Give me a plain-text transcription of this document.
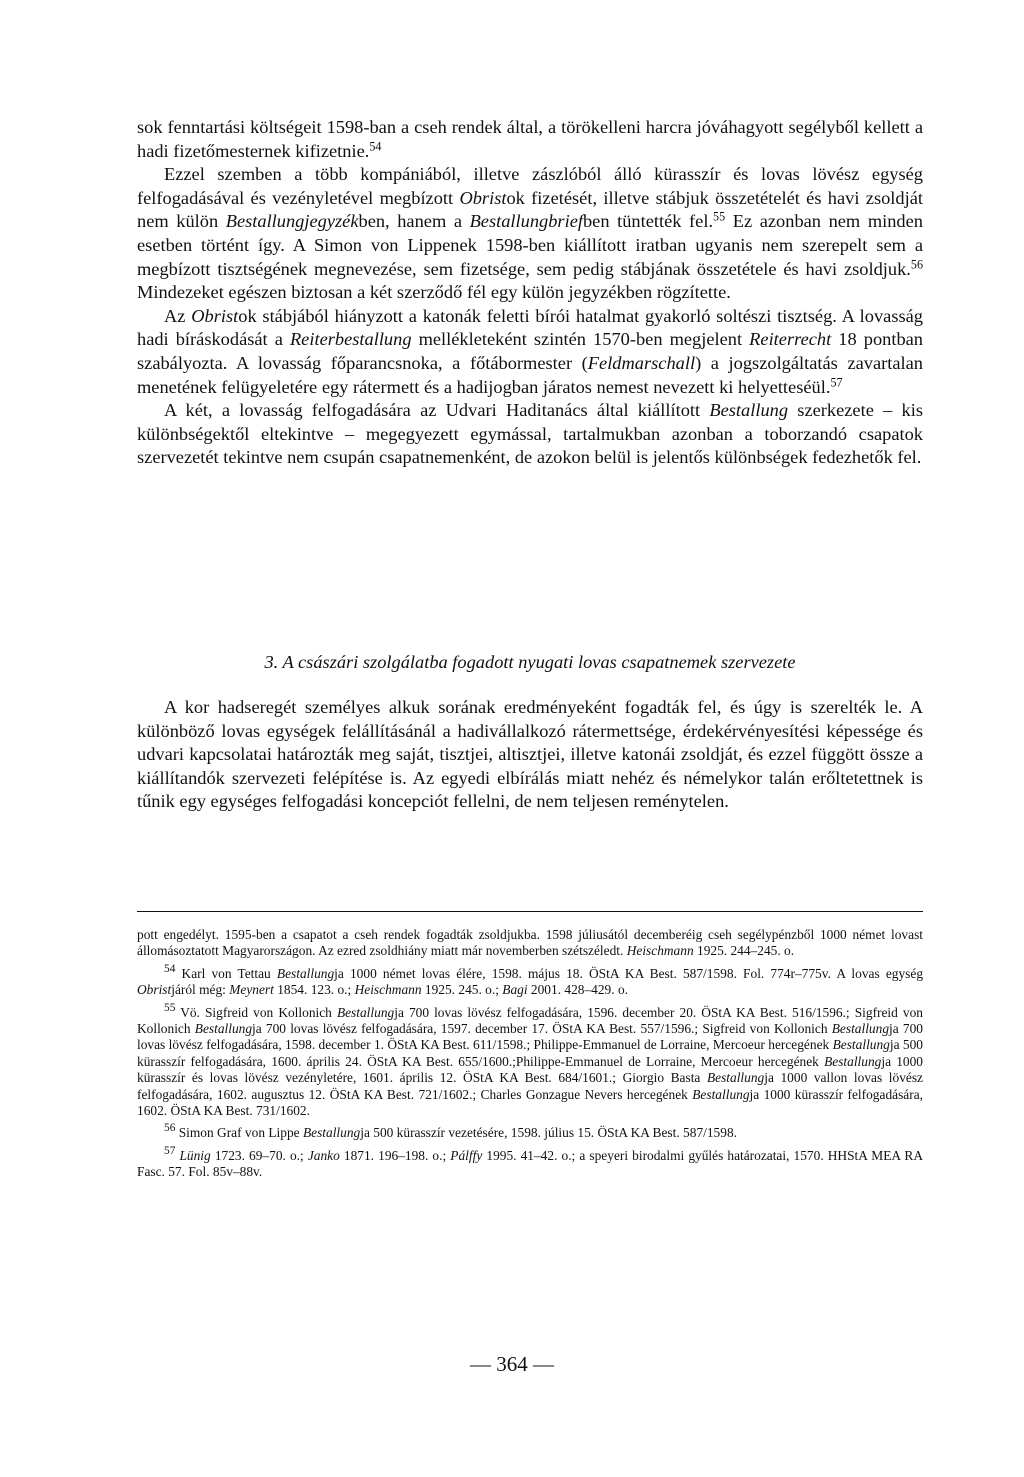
sok fenntartási költségeit 1598-ban a cseh rendek által, a törökelleni harcra jóváhagyott segélyből kellett a hadi fizetőmesternek kifizetnie.$^{54}$

Ezzel szemben a több kompániából, illetve zászlóból álló kürasszír és lovas lövész egység felfogadásával és vezényletével megbízott Obristok fizetését, illetve stábjuk összetételét és havi zsoldját nem külön Bestallungjegyzékben, hanem a Bestallungbriefben tüntették fel.$^{55}$ Ez azonban nem minden esetben történt így. A Simon von Lippenek 1598-ben kiállított iratban ugyanis nem szerepelt sem a megbízott tisztségének megnevezése, sem fizetsége, sem pedig stábjának összetétele és havi zsoldjuk.$^{56}$ Mindezeket egészen biztosan a két szerződő fél egy külön jegyzékben rögzítette.

Az Obristok stábjából hiányzott a katonák feletti bírói hatalmat gyakorló soltészi tisztség. A lovasság hadi bíráskodását a Reiterbestallung mellékleteként szintén 1570-ben megjelent Reiterrecht 18 pontban szabályozta. A lovasság főparancsnoka, a főtábormester (Feldmarschall) a jogszolgáltatás zavartalan menetének felügyeletére egy rátermett és a hadijogban járatos nemest nevezett ki helyetteséül.$^{57}$

A két, a lovasság felfogadására az Udvari Haditanács által kiállított Bestallung szerkezete – kis különbségektől eltekintve – megegyezett egymással, tartalmukban azonban a toborzandó csapatok szervezetét tekintve nem csupán csapatnemenként, de azokon belül is jelentős különbségek fedezhetők fel.

3. A császári szolgálatba fogadott nyugati lovas csapatnemek szervezete

A kor hadseregét személyes alkuk sorának eredményeként fogadták fel, és úgy is szerelték le. A különböző lovas egységek felállításánál a hadivállalkozó rátermettsége, érdekérvényesítési képessége és udvari kapcsolatai határozták meg saját, tisztjei, altisztjei, illetve katonái zsoldját, és ezzel függött össze a kiállítandók szervezeti felépítése is. Az egyedi elbírálás miatt nehéz és némelykor talán erőltetettnek is tűnik egy egységes felfogadási koncepciót fellelni, de nem teljesen reménytelen.

pott engedélyt. 1595-ben a csapatot a cseh rendek fogadták zsoldjukba. 1598 júliusától decemberéig cseh segélypénzből 1000 német lovast állomásoztatott Magyarországon. Az ezred zsoldhiány miatt már novemberben szétszéledt. Heischmann 1925. 244–245. o.

$^{54}$ Karl von Tettau Bestallungja 1000 német lovas élére, 1598. május 18. ÖStA KA Best. 587/1598. Fol. 774r–775v. A lovas egység Obristjáról még: Meynert 1854. 123. o.; Heischmann 1925. 245. o.; Bagi 2001. 428–429. o.

$^{55}$ Vö. Sigfreid von Kollonich Bestallungja 700 lovas lövész felfogadására, 1596. december 20. ÖStA KA Best. 516/1596.; Sigfreid von Kollonich Bestallungja 700 lovas lövész felfogadására, 1597. december 17. ÖStA KA Best. 557/1596.; Sigfreid von Kollonich Bestallungja 700 lovas lövész felfogadására, 1598. december 1. ÖStA KA Best. 611/1598.; Philippe-Emmanuel de Lorraine, Mercoeur hercegének Bestallungja 500 kürasszír felfogadására, 1600. április 24. ÖStA KA Best. 655/1600.;Philippe-Emmanuel de Lorraine, Mercoeur hercegének Bestallungja 1000 kürasszír és lovas lövész vezényletére, 1601. április 12. ÖStA KA Best. 684/1601.; Giorgio Basta Bestallungja 1000 vallon lovas lövész felfogadására, 1602. augusztus 12. ÖStA KA Best. 721/1602.; Charles Gonzague Nevers hercegének Bestallungja 1000 kürasszír felfogadására, 1602. ÖStA KA Best. 731/1602.

$^{56}$ Simon Graf von Lippe Bestallungja 500 kürasszír vezetésére, 1598. július 15. ÖStA KA Best. 587/1598.

$^{57}$ Lünig 1723. 69–70. o.; Janko 1871. 196–198. o.; Pálffy 1995. 41–42. o.; a speyeri birodalmi gyűlés határozatai, 1570. HHStA MEA RA Fasc. 57. Fol. 85v–88v.

— 364 —
